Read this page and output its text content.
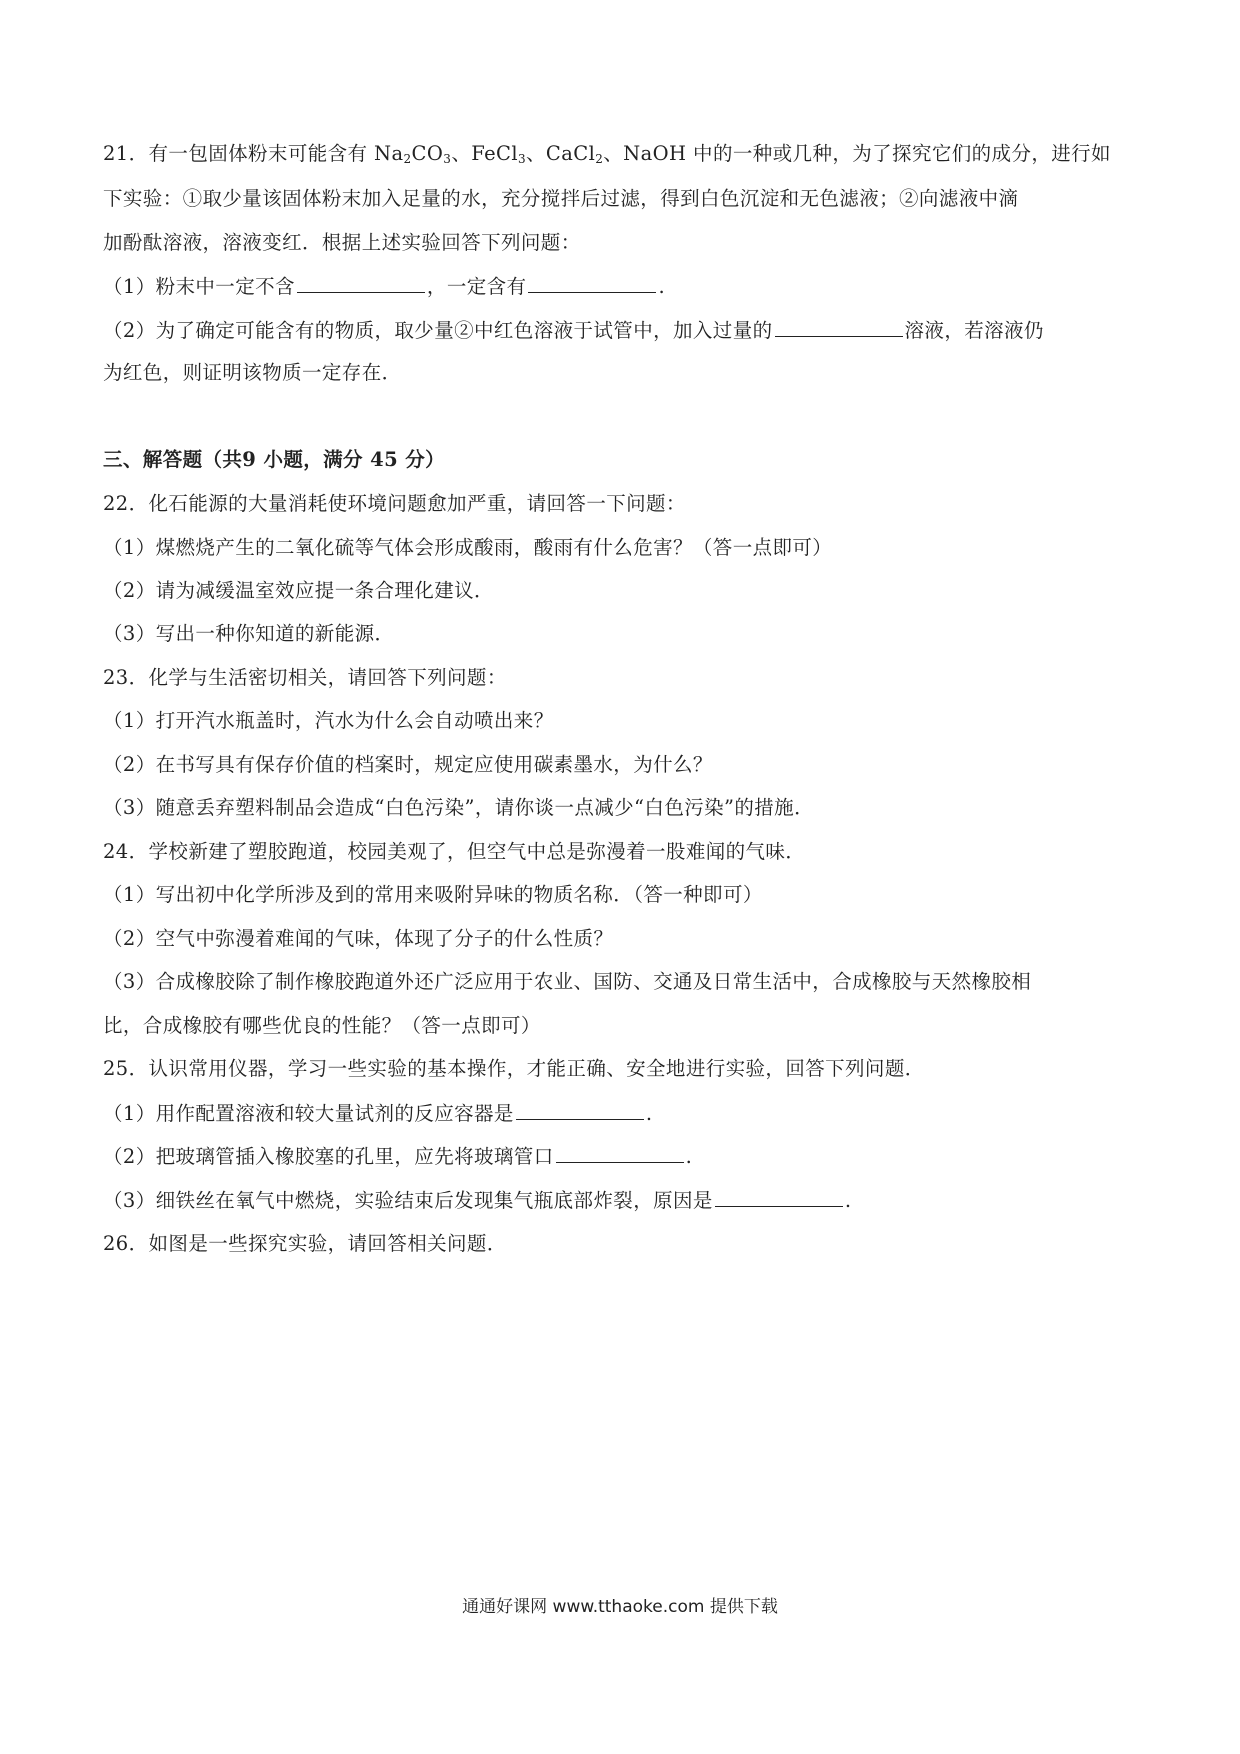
21．有一包固体粉末可能含有 $Na_2CO_3$、FeCl$_3$、CaCl$_2$、NaOH 中的一种或几种，为了探究它们的成分，进行如
下实验：①取少量该固体粉末加入足量的水，充分搅拌后过滤，得到白色沉淀和无色滤液；②向滤液中滴
加酚酞溶液，溶液变红．根据上述实验回答下列问题：
（1）粉末中一定不含	，一定含有	.
（2）为了确定可能含有的物质，取少量②中红色溶液于试管中，加入过量的	溶液，若溶液仍
为红色，则证明该物质一定存在．
三、解答题（共9 小题，满分 45 分）
22．化石能源的大量消耗使环境问题愈加严重，请回答一下问题：
（1）煤燃烧产生的二氧化硫等气体会形成酸雨，酸雨有什么危害？（答一点即可）
（2）请为减缓温室效应提一条合理化建议．
（3）写出一种你知道的新能源．
23．化学与生活密切相关，请回答下列问题：
（1）打开汽水瓶盖时，汽水为什么会自动喷出来？
（2）在书写具有保存价值的档案时，规定应使用碳素墨水，为什么？
（3）随意丢弃塑料制品会造成“白色污染”，请你谈一点减少“白色污染”的措施．
24．学校新建了塑胶跑道，校园美观了，但空气中总是弥漫着一股难闻的气味．
（1）写出初中化学所涉及到的常用来吸附异味的物质名称．（答一种即可）
（2）空气中弥漫着难闻的气味，体现了分子的什么性质？
（3）合成橡胶除了制作橡胶跑道外还广泛应用于农业、国防、交通及日常生活中，合成橡胶与天然橡胶相
比，合成橡胶有哪些优良的性能？（答一点即可）
25．认识常用仪器，学习一些实验的基本操作，才能正确、安全地进行实验，回答下列问题．
（1）用作配置溶液和较大量试剂的反应容器是	.
（2）把玻璃管插入橡胶塞的孔里，应先将玻璃管口	.
（3）细铁丝在氧气中燃烧，实验结束后发现集气瓶底部炸裂，原因是	.
26．如图是一些探究实验，请回答相关问题．
通通好课网 www.tthaoke.com 提供下载
